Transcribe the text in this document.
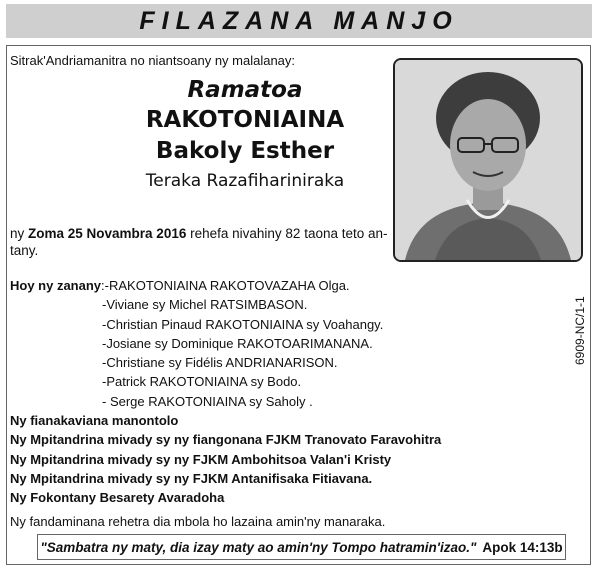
FILAZANA MANJO
Sitrak'Andriamanitra no niantsoany ny malalanay:
Ramatoa
RAKOTONIAINA
Bakoly Esther
Teraka Razafihariniraka
ny Zoma 25 Novambra 2016 rehefa nivahiny 82 taona teto an-tany.
Hoy ny zanany:-RAKOTONIAINA RAKOTOVAZAHA Olga.
-Viviane sy Michel RATSIMBASON.
-Christian Pinaud RAKOTONIAINA sy Voahangy.
-Josiane sy Dominique RAKOTOARIMANANA.
-Christiane sy Fidélis ANDRIANARISON.
-Patrick RAKOTONIAINA sy Bodo.
- Serge RAKOTONIAINA sy Saholy .
6909-NC/1-1
Ny fianakaviana manontolo
Ny Mpitandrina mivady sy ny fiangonana FJKM Tranovato Faravohitra
Ny Mpitandrina mivady sy ny FJKM Ambohitsoa Valan'i Kristy
Ny Mpitandrina mivady sy ny FJKM Antanifisaka Fitiavana.
Ny Fokontany Besarety Avaradoha
Ny fandaminana rehetra dia mbola ho lazaina amin'ny manaraka.
"Sambatra ny maty, dia izay maty ao amin'ny Tompo hatramin'izao." Apok 14:13b
